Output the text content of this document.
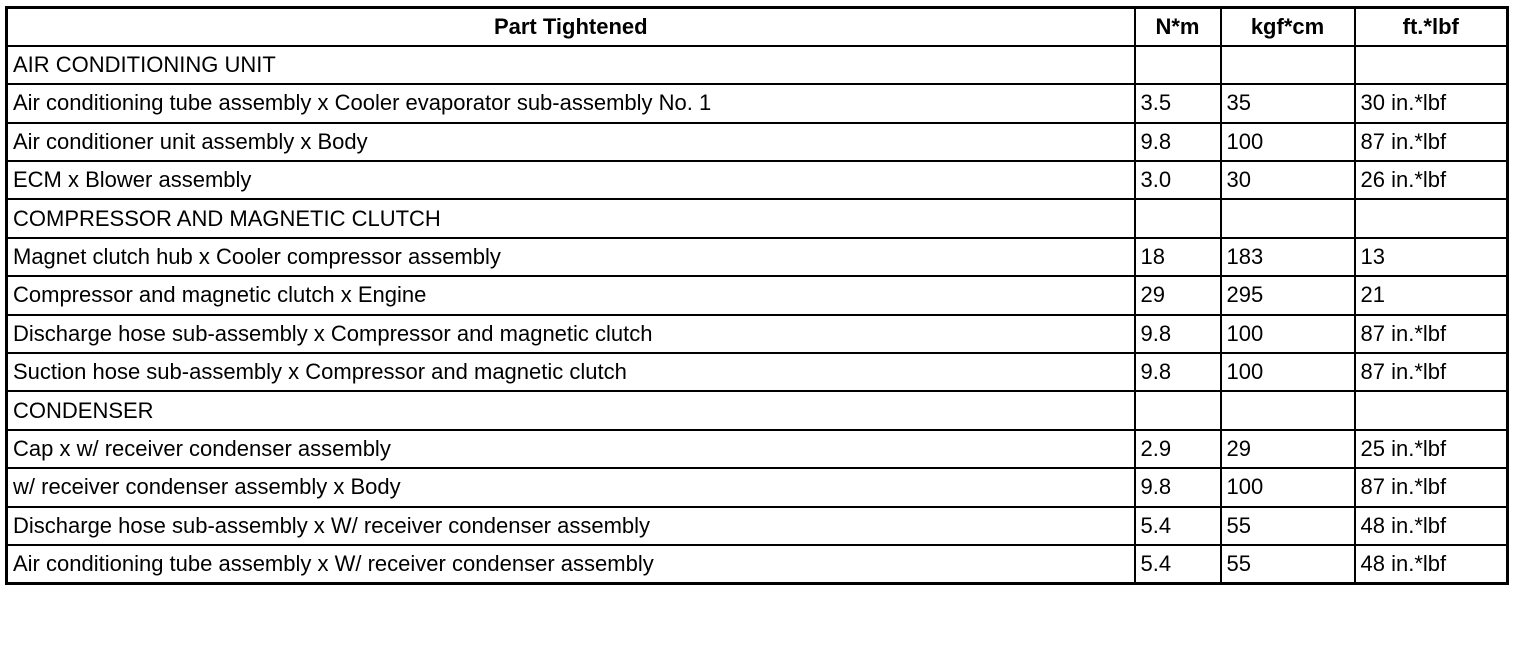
Part Tightened	N*m	kgf*cm	ft.*lbf
AIR CONDITIONING UNIT			
Air conditioning tube assembly x Cooler evaporator sub-assembly No. 1	3.5	35	30 in.*lbf
Air conditioner unit assembly x Body	9.8	100	87 in.*lbf
ECM x Blower assembly	3.0	30	26 in.*lbf
COMPRESSOR AND MAGNETIC CLUTCH			
Magnet clutch hub x Cooler compressor assembly	18	183	13
Compressor and magnetic clutch x Engine	29	295	21
Discharge hose sub-assembly x Compressor and magnetic clutch	9.8	100	87 in.*lbf
Suction hose sub-assembly x Compressor and magnetic clutch	9.8	100	87 in.*lbf
CONDENSER			
Cap x w/ receiver condenser assembly	2.9	29	25 in.*lbf
w/ receiver condenser assembly x Body	9.8	100	87 in.*lbf
Discharge hose sub-assembly x W/ receiver condenser assembly	5.4	55	48 in.*lbf
Air conditioning tube assembly x W/ receiver condenser assembly	5.4	55	48 in.*lbf
